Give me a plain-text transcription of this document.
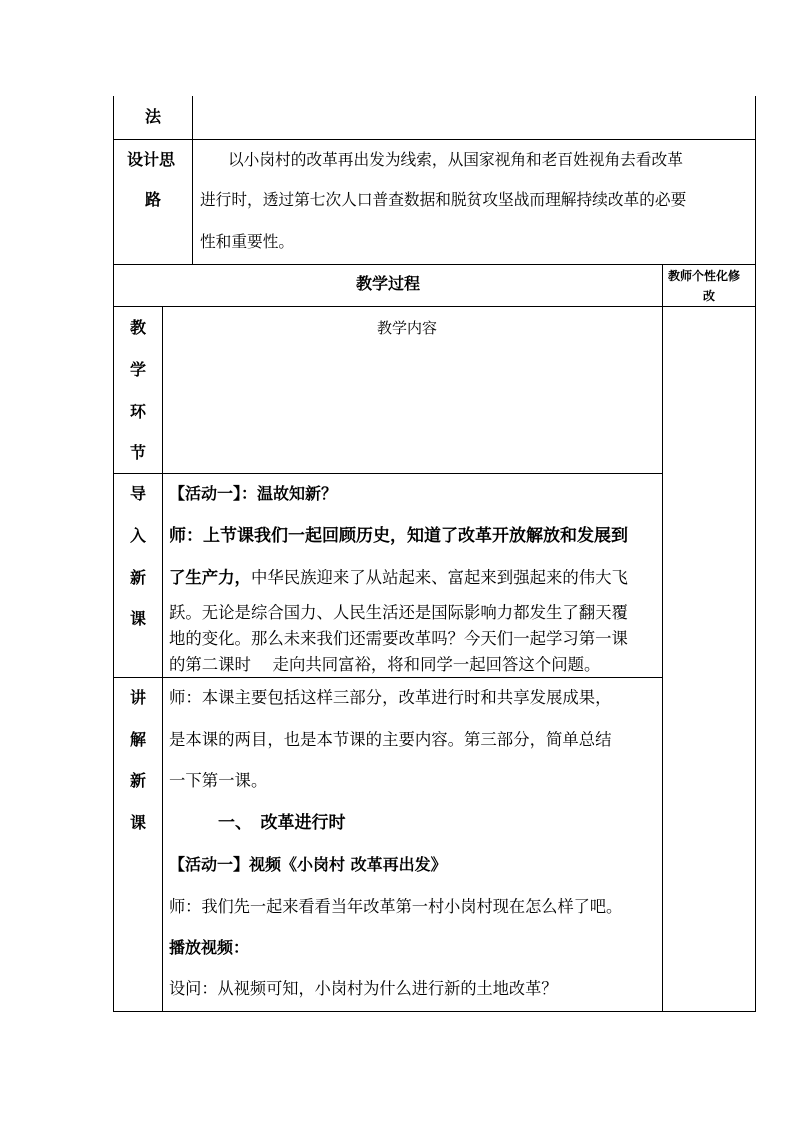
法
设计思
路
以小岗村的改革再出发为线索，从国家视角和老百姓视角去看改革
进行时，透过第七次人口普查数据和脱贫攻坚战而理解持续改革的必要
性和重要性。
教学过程	教师个性化修
改
教
学
环
节
教学内容
导
入
新
课
【活动一】：温故知新？
师：上节课我们一起回顾历史，知道了改革开放解放和发展到
了生产力，中华民族迎来了从站起来、富起来到强起来的伟大飞
跃。无论是综合国力、人民生活还是国际影响力都发生了翻天覆
地的变化。那么未来我们还需要改革吗？今天们一起学习第一课
的第二课时　 走向共同富裕，将和同学一起回答这个问题。
讲
解
新
课
师：本课主要包括这样三部分，改革进行时和共享发展成果，
是本课的两目，也是本节课的主要内容。第三部分，简单总结
一下第一课。
一、　改革进行时
【活动一】视频《小岗村 改革再出发》
师：我们先一起来看看当年改革第一村小岗村现在怎么样了吧。
播放视频：
设问：从视频可知，小岗村为什么进行新的土地改革？
